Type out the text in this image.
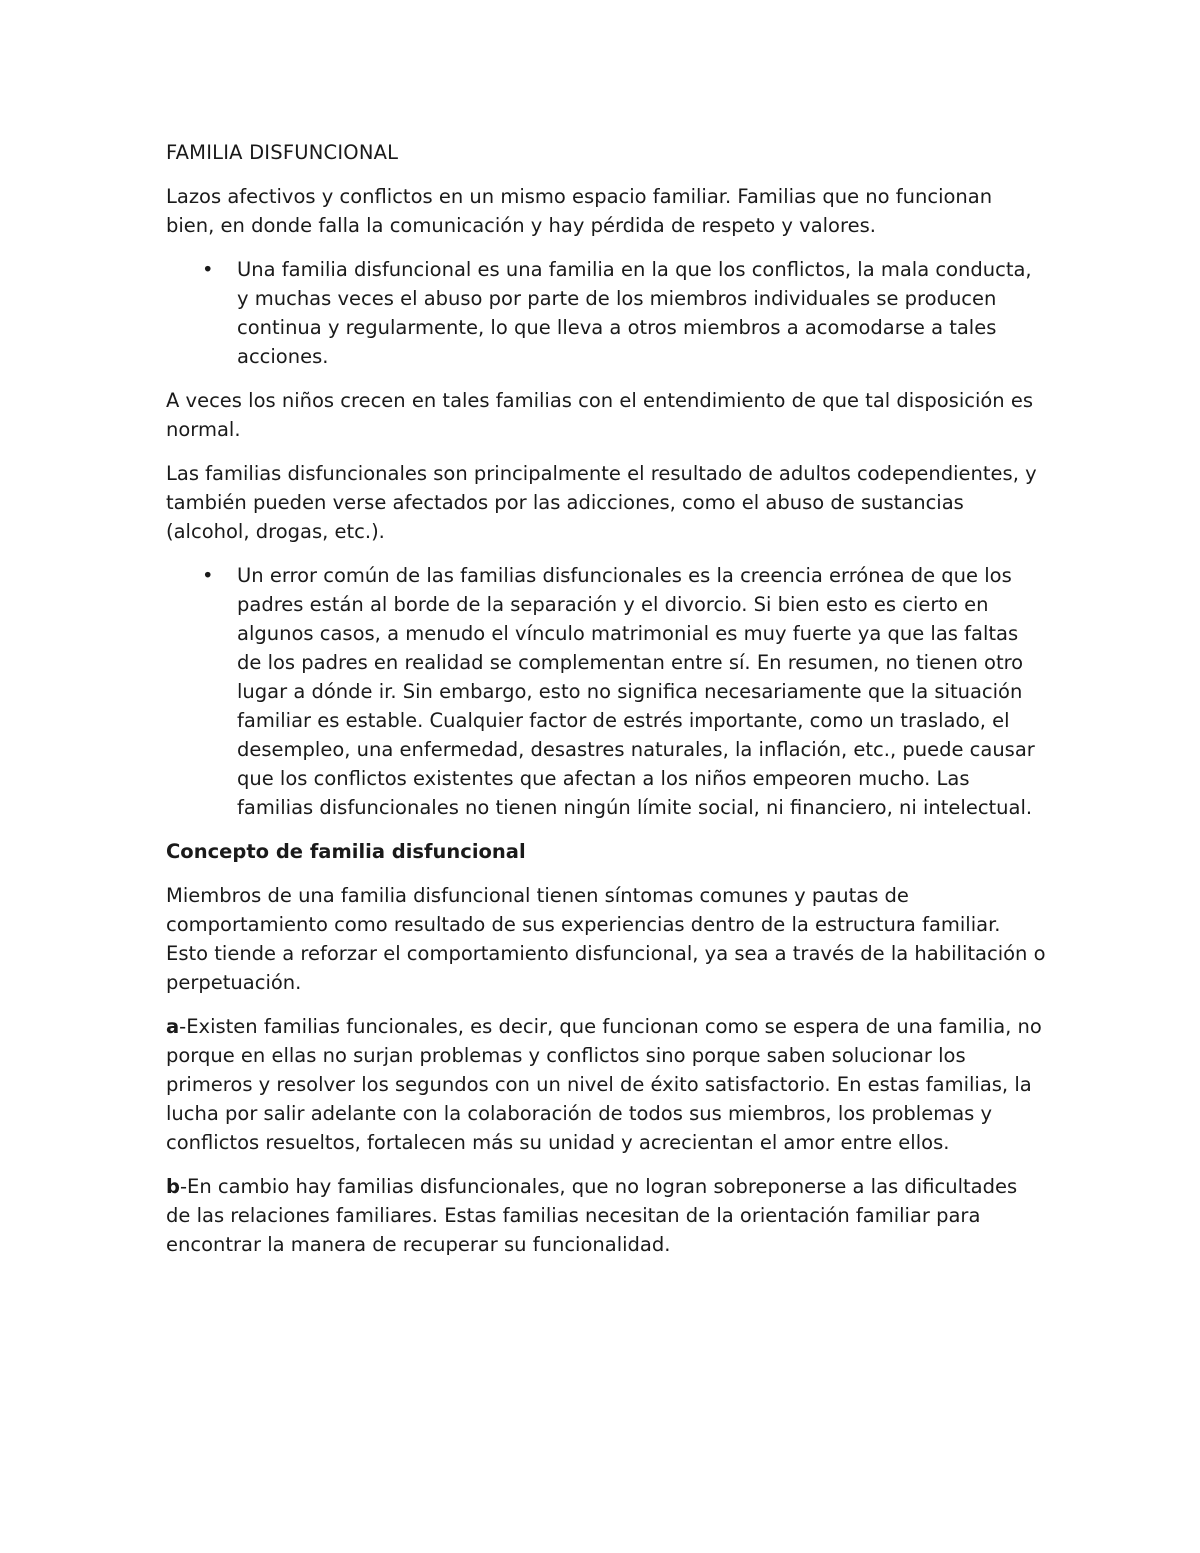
FAMILIA DISFUNCIONAL

Lazos afectivos y conflictos en un mismo espacio familiar. Familias que no funcionan bien, en donde falla la comunicación y hay pérdida de respeto y valores.

• Una familia disfuncional es una familia en la que los conflictos, la mala conducta, y muchas veces el abuso por parte de los miembros individuales se producen continua y regularmente, lo que lleva a otros miembros a acomodarse a tales acciones.

A veces los niños crecen en tales familias con el entendimiento de que tal disposición es normal.

Las familias disfuncionales son principalmente el resultado de adultos codependientes, y también pueden verse afectados por las adicciones, como el abuso de sustancias (alcohol, drogas, etc.).

• Un error común de las familias disfuncionales es la creencia errónea de que los padres están al borde de la separación y el divorcio. Si bien esto es cierto en algunos casos, a menudo el vínculo matrimonial es muy fuerte ya que las faltas de los padres en realidad se complementan entre sí. En resumen, no tienen otro lugar a dónde ir. Sin embargo, esto no significa necesariamente que la situación familiar es estable. Cualquier factor de estrés importante, como un traslado, el desempleo, una enfermedad, desastres naturales, la inflación, etc., puede causar que los conflictos existentes que afectan a los niños empeoren mucho. Las familias disfuncionales no tienen ningún límite social, ni financiero, ni intelectual.

Concepto de familia disfuncional

Miembros de una familia disfuncional tienen síntomas comunes y pautas de comportamiento como resultado de sus experiencias dentro de la estructura familiar. Esto tiende a reforzar el comportamiento disfuncional, ya sea a través de la habilitación o perpetuación.

a-Existen familias funcionales, es decir, que funcionan como se espera de una familia, no porque en ellas no surjan problemas y conflictos sino porque saben solucionar los primeros y resolver los segundos con un nivel de éxito satisfactorio. En estas familias, la lucha por salir adelante con la colaboración de todos sus miembros, los problemas y conflictos resueltos, fortalecen más su unidad y acrecientan el amor entre ellos.

b-En cambio hay familias disfuncionales, que no logran sobreponerse a las dificultades de las relaciones familiares. Estas familias necesitan de la orientación familiar para encontrar la manera de recuperar su funcionalidad.
